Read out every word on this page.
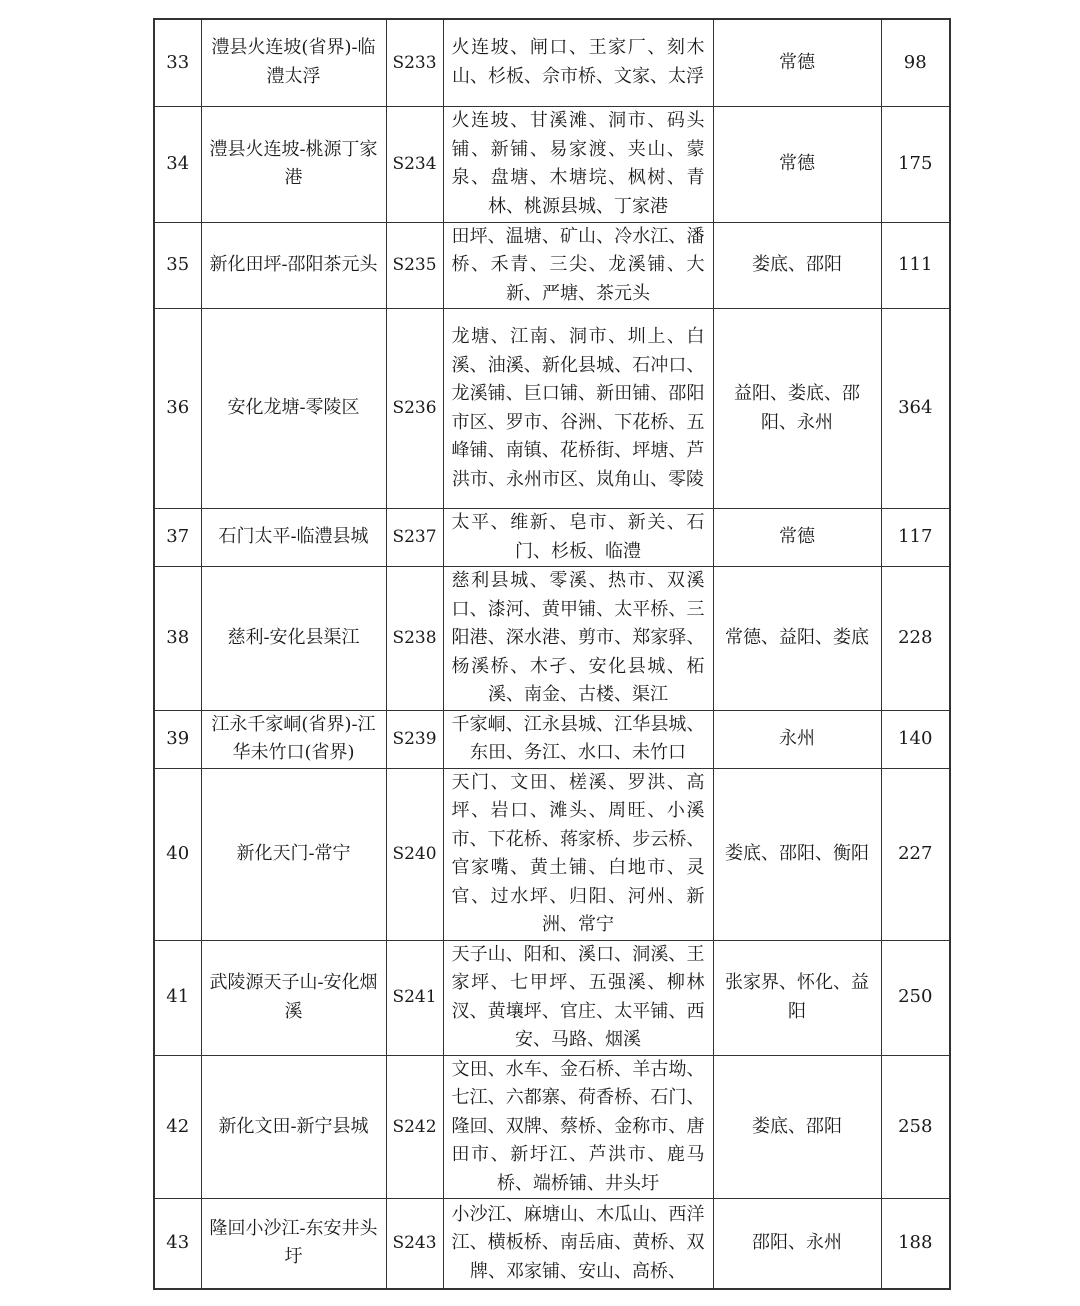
33	澧县火连坡(省界)-临澧太浮	S233	火连坡、闸口、王家厂、刻木山、杉板、佘市桥、文家、太浮	常德	98
34	澧县火连坡-桃源丁家港	S234	火连坡、甘溪滩、洞市、码头铺、新铺、易家渡、夹山、蒙泉、盘塘、木塘垸、枫树、青林、桃源县城、丁家港	常德	175
35	新化田坪-邵阳茶元头	S235	田坪、温塘、矿山、冷水江、潘桥、禾青、三尖、龙溪铺、大新、严塘、茶元头	娄底、邵阳	111
36	安化龙塘-零陵区	S236	龙塘、江南、洞市、圳上、白溪、油溪、新化县城、石冲口、龙溪铺、巨口铺、新田铺、邵阳市区、罗市、谷洲、下花桥、五峰铺、南镇、花桥街、坪塘、芦洪市、永州市区、岚角山、零陵	益阳、娄底、邵阳、永州	364
37	石门太平-临澧县城	S237	太平、维新、皂市、新关、石门、杉板、临澧	常德	117
38	慈利-安化县渠江	S238	慈利县城、零溪、热市、双溪口、漆河、黄甲铺、太平桥、三阳港、深水港、剪市、郑家驿、杨溪桥、木孑、安化县城、柘溪、南金、古楼、渠江	常德、益阳、娄底	228
39	江永千家峒(省界)-江华未竹口(省界)	S239	千家峒、江永县城、江华县城、东田、务江、水口、未竹口	永州	140
40	新化天门-常宁	S240	天门、文田、槎溪、罗洪、高坪、岩口、滩头、周旺、小溪市、下花桥、蒋家桥、步云桥、官家嘴、黄土铺、白地市、灵官、过水坪、归阳、河州、新洲、常宁	娄底、邵阳、衡阳	227
41	武陵源天子山-安化烟溪	S241	天子山、阳和、溪口、洞溪、王家坪、七甲坪、五强溪、柳林汊、黄壤坪、官庄、太平铺、西安、马路、烟溪	张家界、怀化、益阳	250
42	新化文田-新宁县城	S242	文田、水车、金石桥、羊古坳、七江、六都寨、荷香桥、石门、隆回、双牌、蔡桥、金称市、唐田市、新圩江、芦洪市、鹿马桥、端桥铺、井头圩	娄底、邵阳	258
43	隆回小沙江-东安井头圩	S243	小沙江、麻塘山、木瓜山、西洋江、横板桥、南岳庙、黄桥、双牌、邓家铺、安山、高桥、	邵阳、永州	188
